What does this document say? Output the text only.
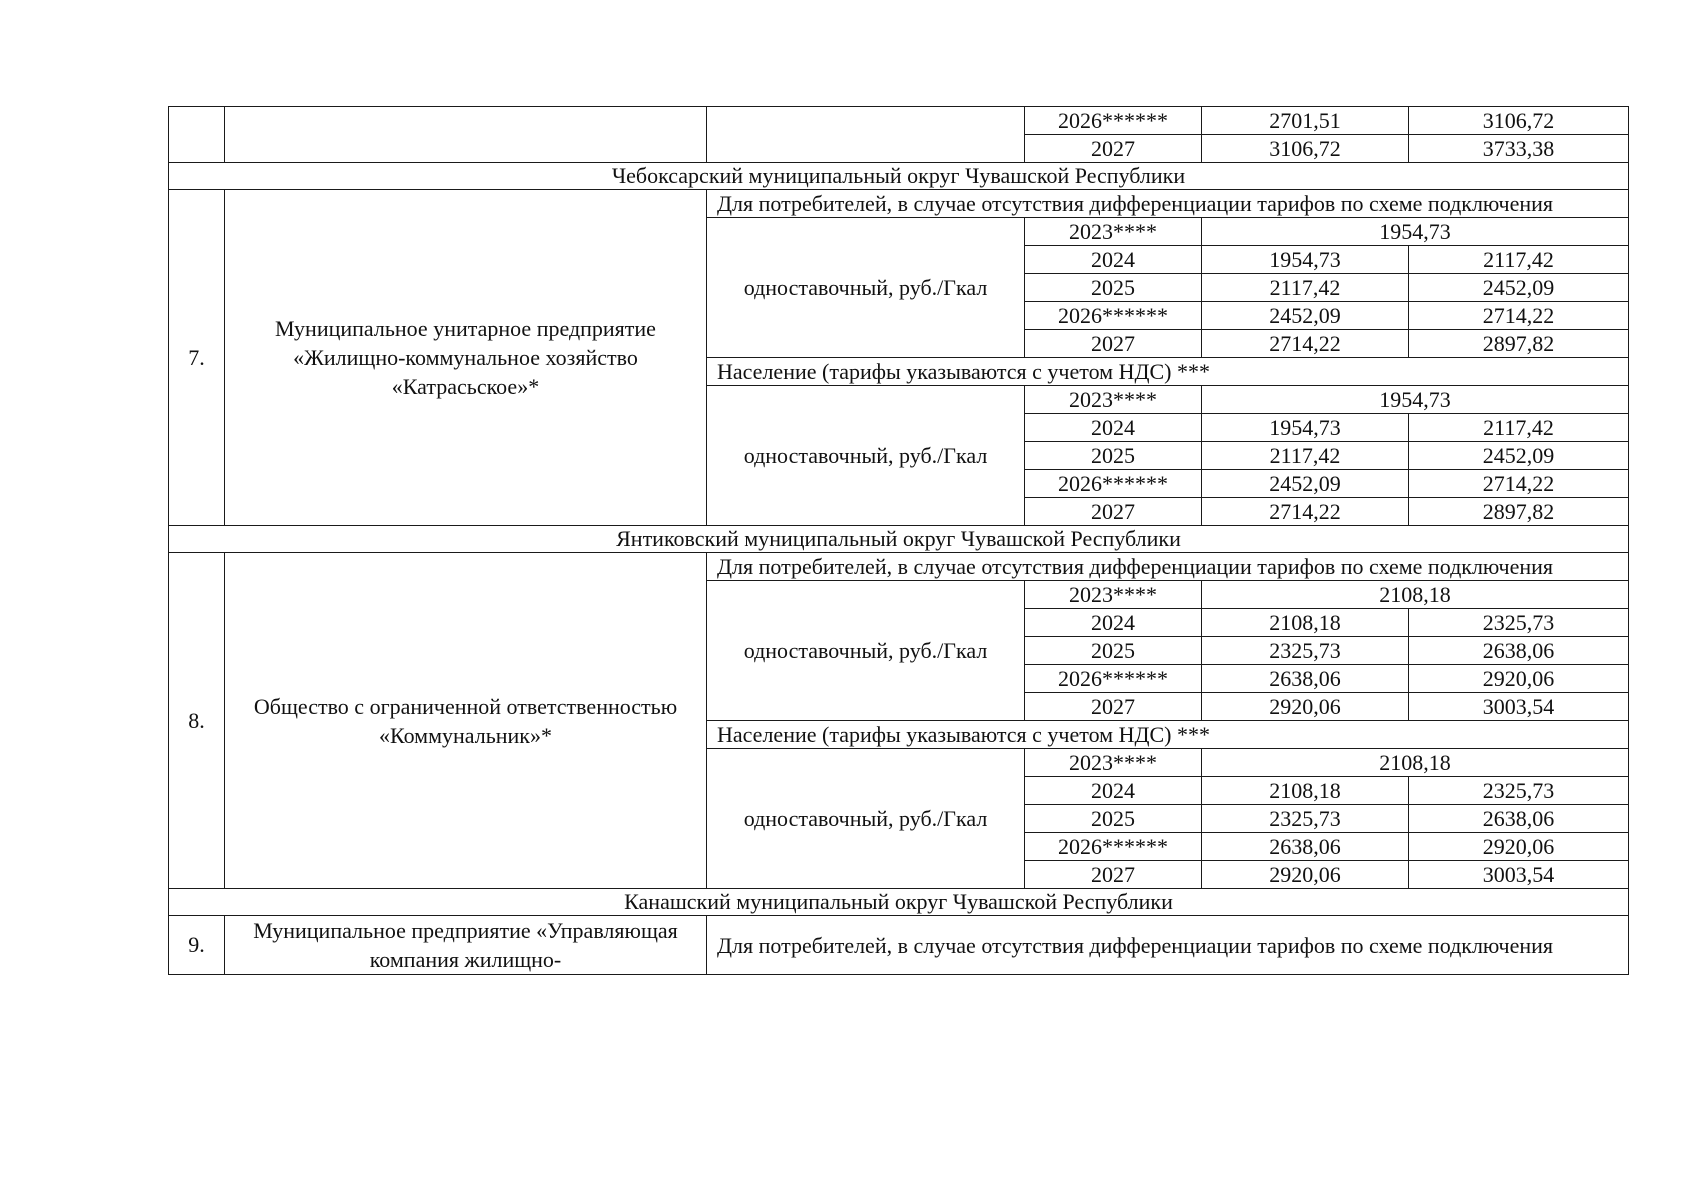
			2026******	2701,51	3106,72
			2027	3106,72	3733,38
Чебоксарский муниципальный округ Чувашской Республики					
7.	Муниципальное унитарное предприятие «Жилищно-коммунальное хозяйство «Катрасьское»*	Для потребителей, в случае отсутствия дифференциации тарифов по схеме подключения			
		одноставочный, руб./Гкал	2023****	1954,73	
			2024	1954,73	2117,42
			2025	2117,42	2452,09
			2026******	2452,09	2714,22
			2027	2714,22	2897,82
		Население (тарифы указываются с учетом НДС) ***			
		одноставочный, руб./Гкал	2023****	1954,73	
			2024	1954,73	2117,42
			2025	2117,42	2452,09
			2026******	2452,09	2714,22
			2027	2714,22	2897,82
Янтиковский муниципальный округ Чувашской Республики					
8.	Общество с ограниченной ответственностью «Коммунальник»*	Для потребителей, в случае отсутствия дифференциации тарифов по схеме подключения			
		одноставочный, руб./Гкал	2023****	2108,18	
			2024	2108,18	2325,73
			2025	2325,73	2638,06
			2026******	2638,06	2920,06
			2027	2920,06	3003,54
		Население (тарифы указываются с учетом НДС) ***			
		одноставочный, руб./Гкал	2023****	2108,18	
			2024	2108,18	2325,73
			2025	2325,73	2638,06
			2026******	2638,06	2920,06
			2027	2920,06	3003,54
Канашский муниципальный округ Чувашской Республики					
9.	Муниципальное предприятие «Управляющая компания жилищно-	Для потребителей, в случае отсутствия дифференциации тарифов по схеме подключения			
